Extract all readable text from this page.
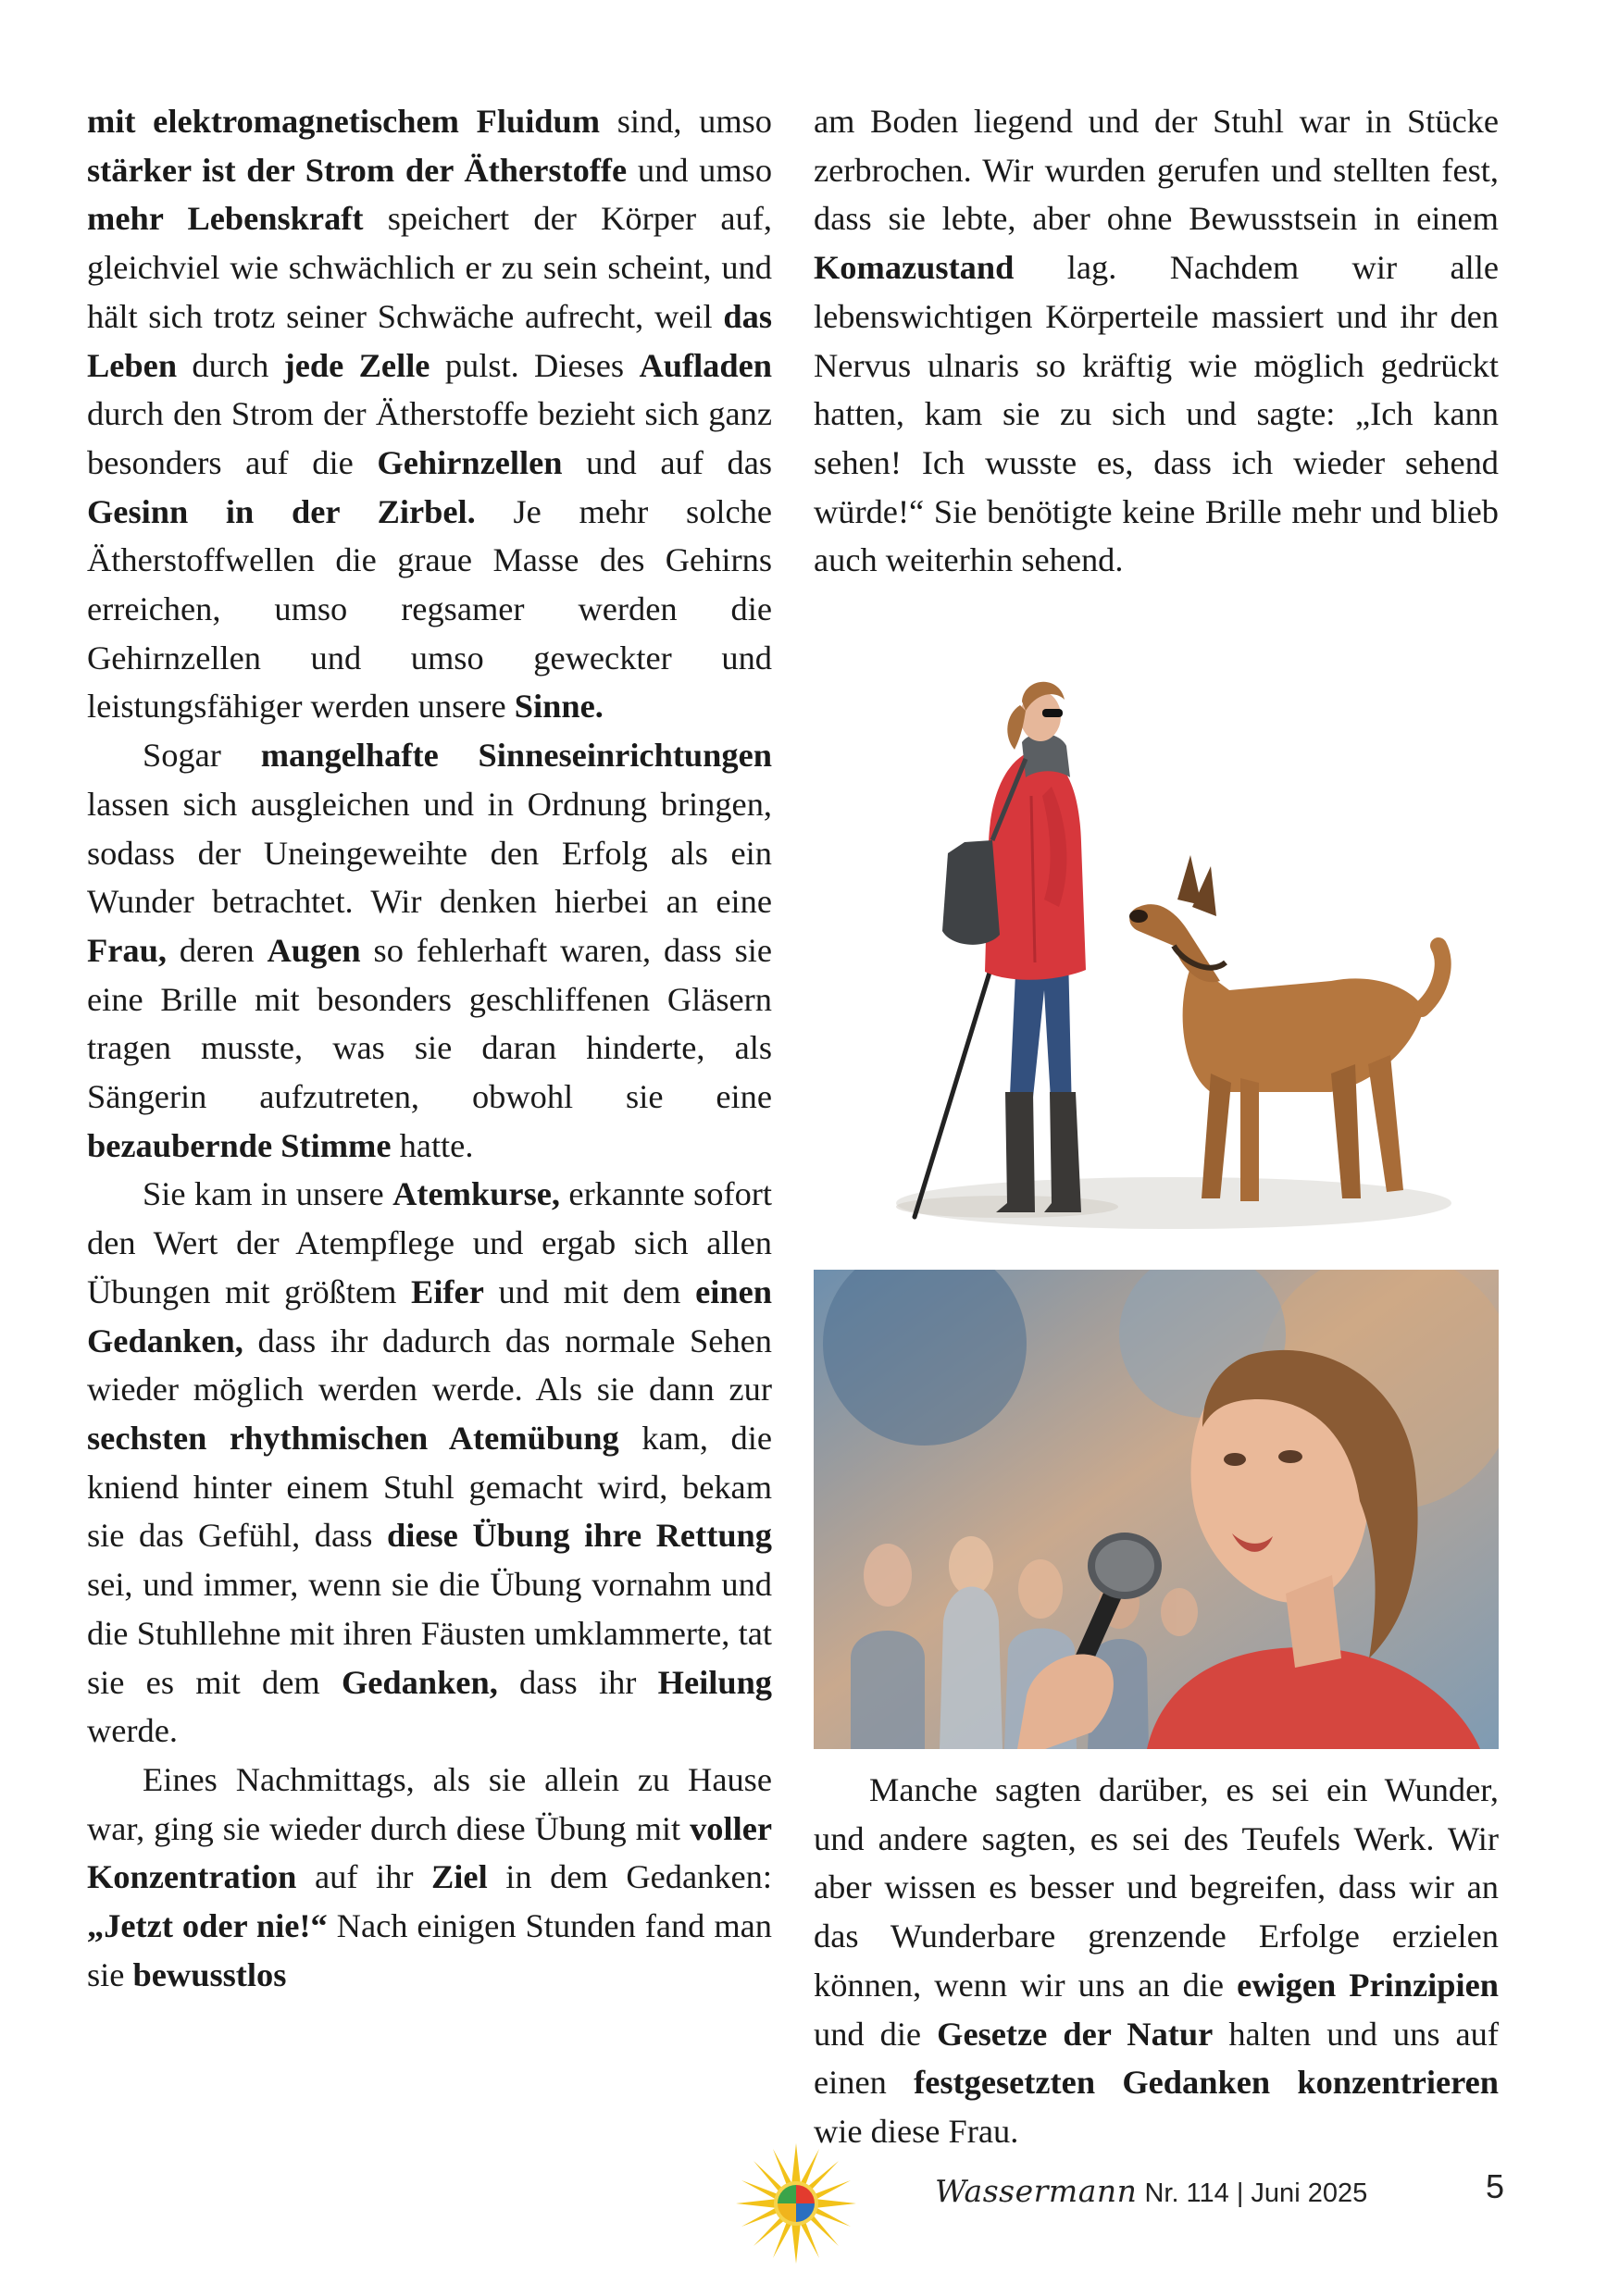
mit elektromagnetischem Fluidum sind, umso stärker ist der Strom der Ätherstoffe und umso mehr Lebenskraft speichert der Körper auf, gleichviel wie schwächlich er zu sein scheint, und hält sich trotz seiner Schwäche aufrecht, weil das Leben durch jede Zelle pulst. Dieses Aufladen durch den Strom der Ätherstoffe bezieht sich ganz besonders auf die Gehirnzellen und auf das Gesinn in der Zirbel. Je mehr solche Ätherstoffwellen die graue Masse des Gehirns erreichen, umso regsamer werden die Gehirnzellen und umso geweckter und leistungsfähiger werden unsere Sinne.

Sogar mangelhafte Sinneseinrichtungen lassen sich ausgleichen und in Ordnung bringen, sodass der Uneingeweihte den Erfolg als ein Wunder betrachtet. Wir denken hierbei an eine Frau, deren Augen so fehlerhaft waren, dass sie eine Brille mit besonders geschliffenen Gläsern tragen musste, was sie daran hinderte, als Sängerin aufzutreten, obwohl sie eine bezaubernde Stimme hatte.

Sie kam in unsere Atemkurse, erkannte sofort den Wert der Atempflege und ergab sich allen Übungen mit größtem Eifer und mit dem einen Gedanken, dass ihr dadurch das normale Sehen wieder möglich werden werde. Als sie dann zur sechsten rhythmischen Atemübung kam, die kniend hinter einem Stuhl gemacht wird, bekam sie das Gefühl, dass diese Übung ihre Rettung sei, und immer, wenn sie die Übung vornahm und die Stuhllehne mit ihren Fäusten umklammerte, tat sie es mit dem Gedanken, dass ihr Heilung werde.

Eines Nachmittags, als sie allein zu Hause war, ging sie wieder durch diese Übung mit voller Konzentration auf ihr Ziel in dem Gedanken: „Jetzt oder nie!“ Nach einigen Stunden fand man sie bewusstlos

am Boden liegend und der Stuhl war in Stücke zerbrochen. Wir wurden gerufen und stellten fest, dass sie lebte, aber ohne Bewusstsein in einem Komazustand lag. Nachdem wir alle lebenswichtigen Körperteile massiert und ihr den Nervus ulnaris so kräftig wie möglich gedrückt hatten, kam sie zu sich und sagte: „Ich kann sehen! Ich wusste es, dass ich wieder sehend würde!“ Sie benötigte keine Brille mehr und blieb auch weiterhin sehend.

Manche sagten darüber, es sei ein Wunder, und andere sagten, es sei des Teufels Werk. Wir aber wissen es besser und begreifen, dass wir an das Wunderbare grenzende Erfolge erzielen können, wenn wir uns an die ewigen Prinzipien und die Gesetze der Natur halten und uns auf einen festgesetzten Gedanken konzentrieren wie diese Frau.

Wassermann Nr. 114 | Juni 2025	5
